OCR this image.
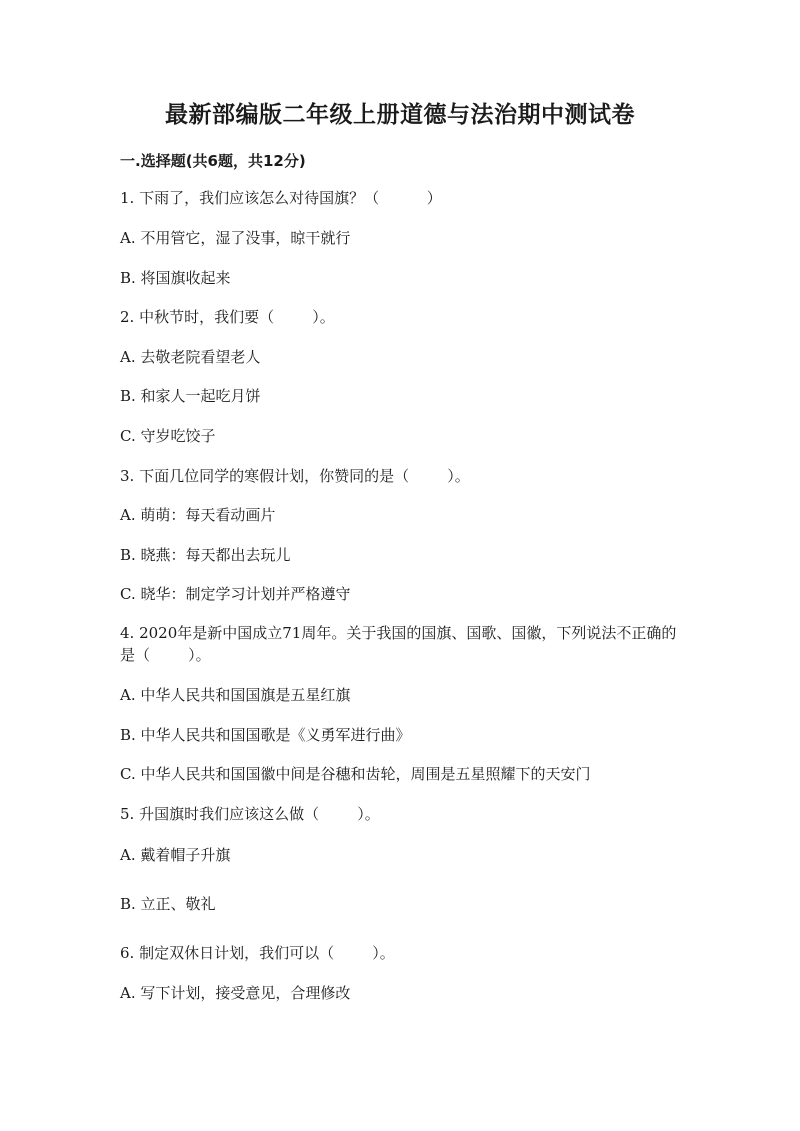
最新部编版二年级上册道德与法治期中测试卷
一.选择题(共6题，共12分)
1. 下雨了，我们应该怎么对待国旗？（          ）
A. 不用管它，湿了没事，晾干就行
B. 将国旗收起来
2. 中秋节时，我们要（        ）。
A. 去敬老院看望老人
B. 和家人一起吃月饼
C. 守岁吃饺子
3. 下面几位同学的寒假计划，你赞同的是（        ）。
A. 萌萌：每天看动画片
B. 晓燕：每天都出去玩儿
C. 晓华：制定学习计划并严格遵守
4. 2020年是新中国成立71周年。关于我国的国旗、国歌、国徽，下列说法不正确的是（        ）。
A. 中华人民共和国国旗是五星红旗
B. 中华人民共和国国歌是《义勇军进行曲》
C. 中华人民共和国国徽中间是谷穗和齿轮，周围是五星照耀下的天安门
5. 升国旗时我们应该这么做（        ）。
A. 戴着帽子升旗
B. 立正、敬礼
6. 制定双休日计划，我们可以（        ）。
A. 写下计划，接受意见，合理修改
